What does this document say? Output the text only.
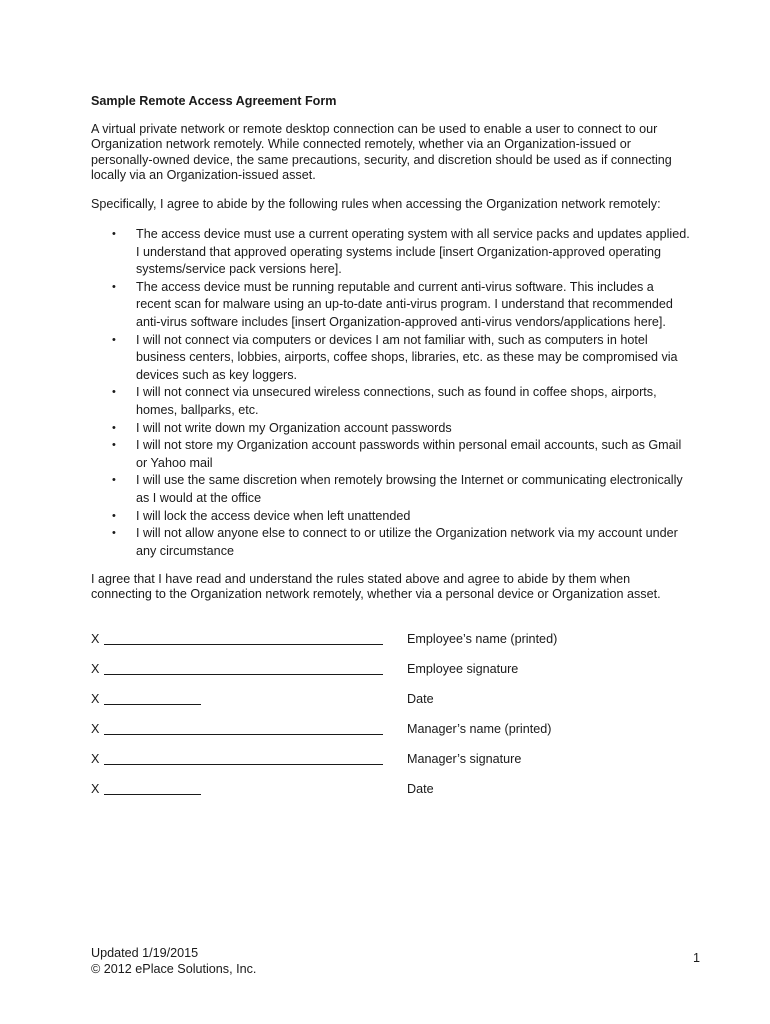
Sample Remote Access Agreement Form

A virtual private network or remote desktop connection can be used to enable a user to connect to our Organization network remotely. While connected remotely, whether via an Organization-issued or personally-owned device, the same precautions, security, and discretion should be used as if connecting locally via an Organization-issued asset.

Specifically, I agree to abide by the following rules when accessing the Organization network remotely:

• The access device must use a current operating system with all service packs and updates applied. I understand that approved operating systems include [insert Organization-approved operating systems/service pack versions here].
• The access device must be running reputable and current anti-virus software. This includes a recent scan for malware using an up-to-date anti-virus program. I understand that recommended anti-virus software includes [insert Organization-approved anti-virus vendors/applications here].
• I will not connect via computers or devices I am not familiar with, such as computers in hotel business centers, lobbies, airports, coffee shops, libraries, etc. as these may be compromised via devices such as key loggers.
• I will not connect via unsecured wireless connections, such as found in coffee shops, airports, homes, ballparks, etc.
• I will not write down my Organization account passwords
• I will not store my Organization account passwords within personal email accounts, such as Gmail or Yahoo mail
• I will use the same discretion when remotely browsing the Internet or communicating electronically as I would at the office
• I will lock the access device when left unattended
• I will not allow anyone else to connect to or utilize the Organization network via my account under any circumstance

I agree that I have read and understand the rules stated above and agree to abide by them when connecting to the Organization network remotely, whether via a personal device or Organization asset.

X	Employee’s name (printed)
X	Employee signature
X	Date
X	Manager’s name (printed)
X	Manager’s signature
X	Date
Updated 1/19/2015
© 2012 ePlace Solutions, Inc.
1
